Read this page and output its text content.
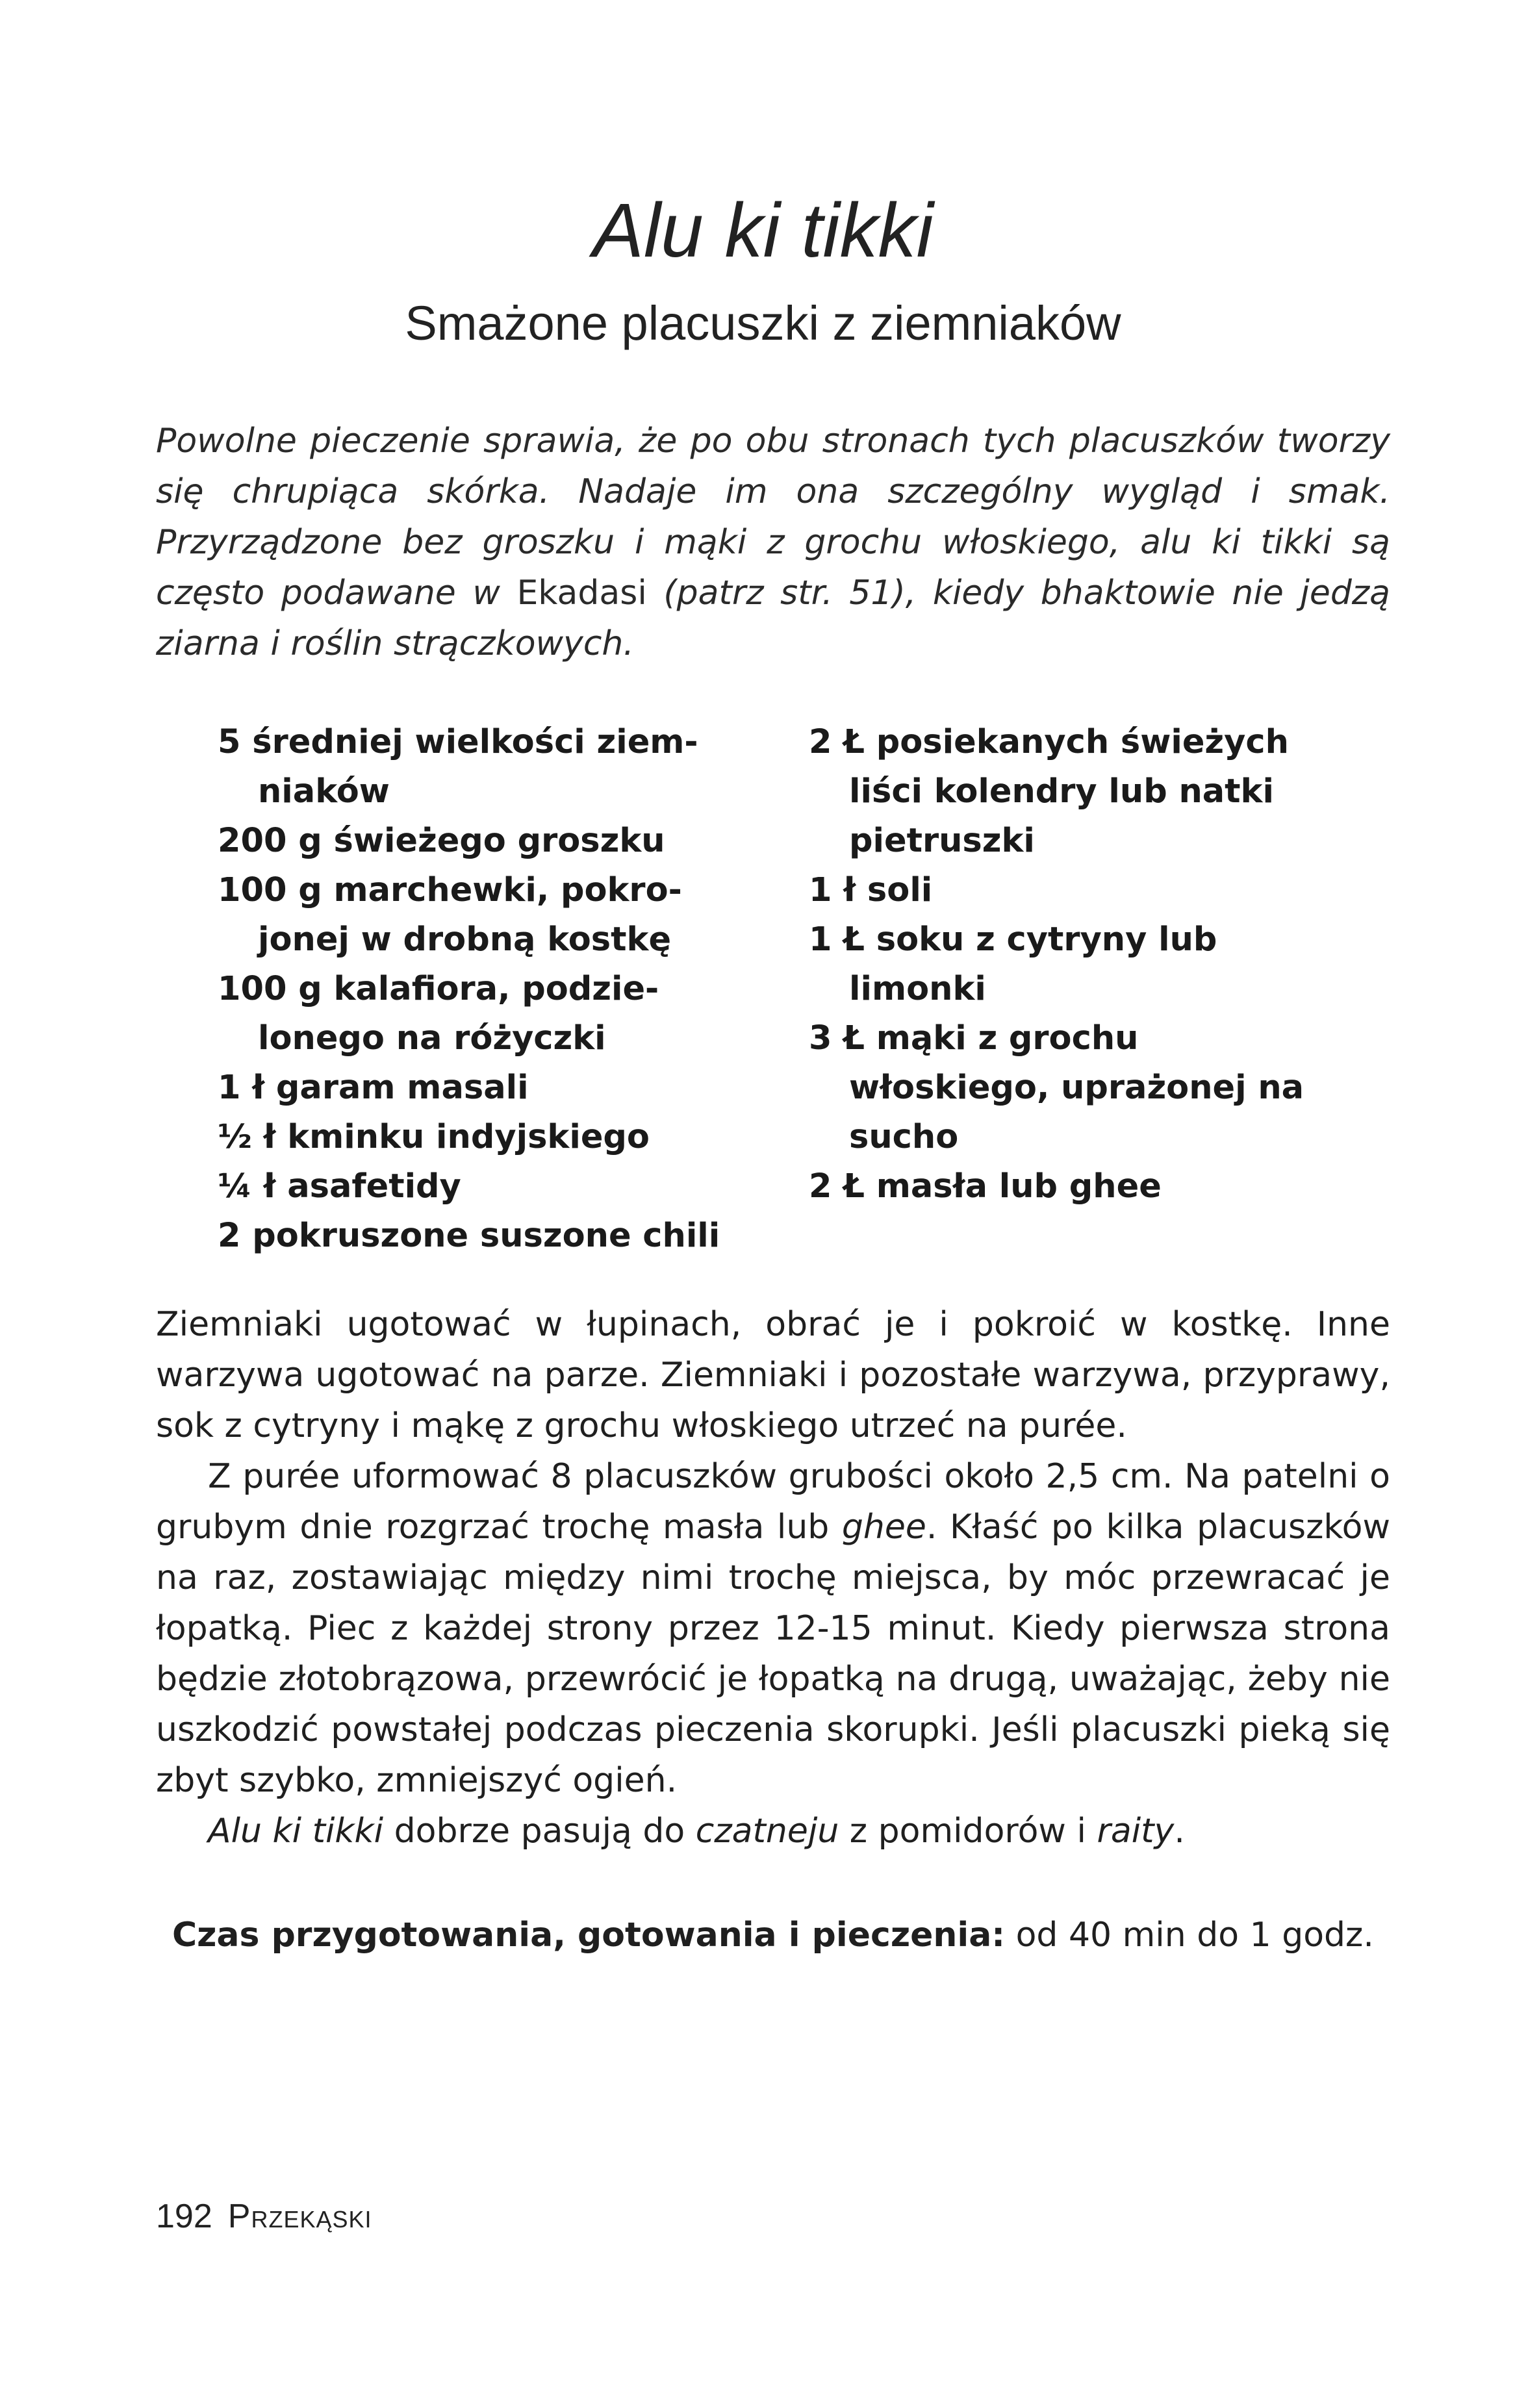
Alu ki tikki
Smażone placuszki z ziemniaków

Powolne pieczenie sprawia, że po obu stronach tych placuszków tworzy się chrupiąca skórka. Nadaje im ona szczególny wygląd i smak. Przyrządzone bez groszku i mąki z grochu włoskiego, alu ki tikki są często podawane w Ekadasi (patrz str. 51), kiedy bhaktowie nie jedzą ziarna i roślin strączkowych.

5 średniej wielkości ziem-
niaków
200 g świeżego groszku
100 g marchewki, pokro-
jonej w drobną kostkę
100 g kalafiora, podzie-
lonego na różyczki
1 ł garam masali
½ ł kminku indyjskiego
¼ ł asafetidy
2 pokruszone suszone chili
2 Ł posiekanych świeżych
liści kolendry lub natki pietruszki
1 ł soli
1 Ł soku z cytryny lub
limonki
3 Ł mąki z grochu
włoskiego, uprażonej na sucho
2 Ł masła lub ghee

Ziemniaki ugotować w łupinach, obrać je i pokroić w kostkę. Inne warzywa ugotować na parze. Ziemniaki i pozostałe warzywa, przyprawy, sok z cytryny i mąkę z grochu włoskiego utrzeć na purée.

Z purée uformować 8 placuszków grubości około 2,5 cm. Na patelni o grubym dnie rozgrzać trochę masła lub ghee. Kłaść po kilka placuszków na raz, zostawiając między nimi trochę miejsca, by móc przewracać je łopatką. Piec z każdej strony przez 12-15 minut. Kiedy pierwsza strona będzie złotobrązowa, przewrócić je łopatką na drugą, uważając, żeby nie uszkodzić powstałej podczas pieczenia skorupki. Jeśli placuszki pieką się zbyt szybko, zmniejszyć ogień.

Alu ki tikki dobrze pasują do czatneju z pomidorów i raity.

Czas przygotowania, gotowania i pieczenia: od 40 min do 1 godz.
192 Przekąski
